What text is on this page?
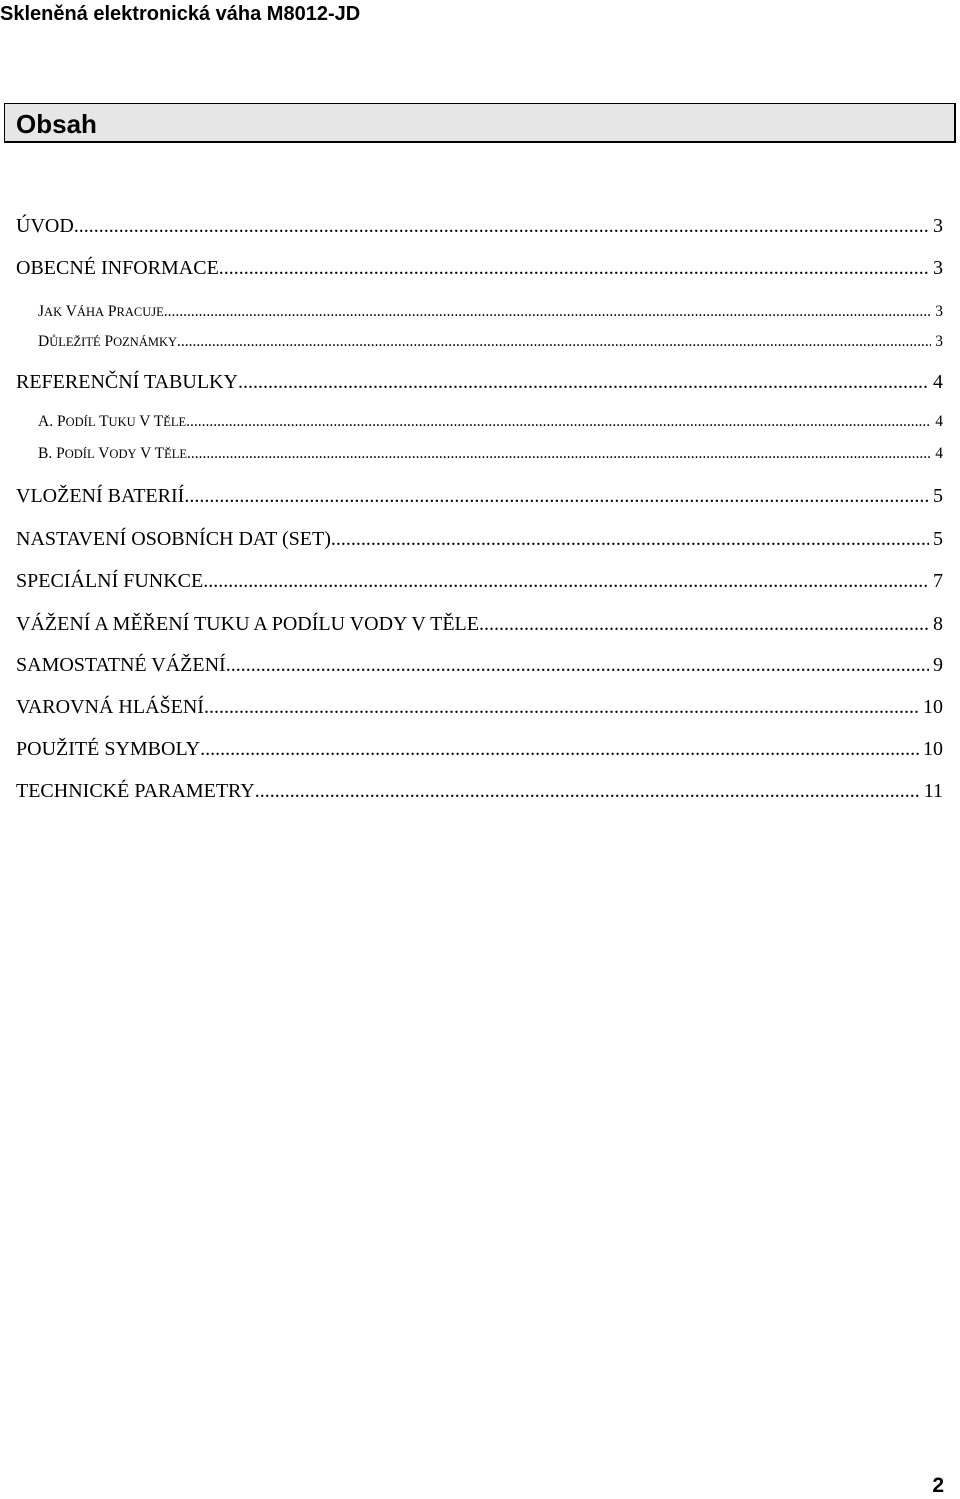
Skleněná elektronická váha M8012-JD
Obsah
ÚVOD .....	3
OBECNÉ INFORMACE .....	3
JAK VÁHA PRACUJE .....	3
DŮLEŽITÉ POZNÁMKY .....	3
REFERENČNÍ TABULKY .....	4
A. PODÍL TUKU V TĚLE .....	4
B. PODÍL VODY V TĚLE .....	4
VLOŽENÍ BATERIÍ .....	5
NASTAVENÍ OSOBNÍCH DAT (SET) .....	5
SPECIÁLNÍ FUNKCE .....	7
VÁŽENÍ A MĚŘENÍ TUKU A PODÍLU VODY V TĚLE .....	8
SAMOSTATNÉ VÁŽENÍ .....	9
VAROVNÁ HLÁŠENÍ .....	10
POUŽITÉ SYMBOLY .....	10
TECHNICKÉ PARAMETRY .....	11
2
